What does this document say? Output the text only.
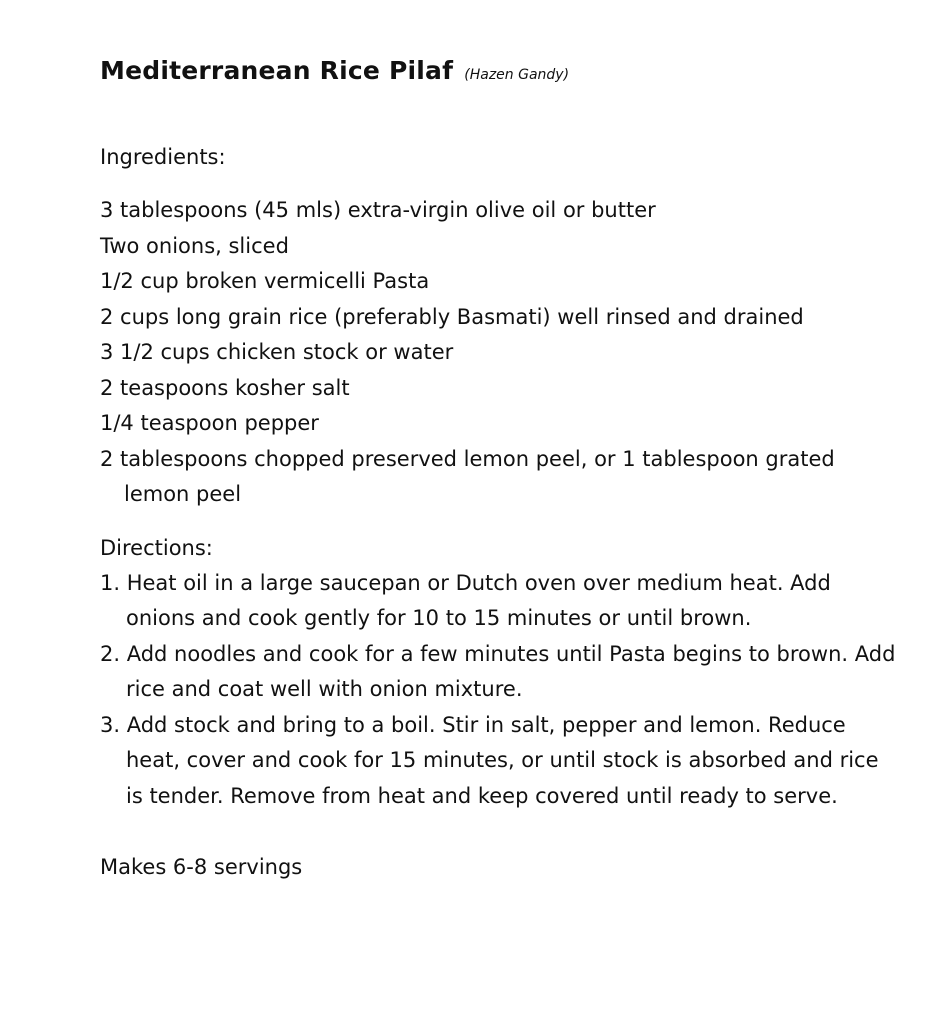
Mediterranean Rice Pilaf (Hazen Gandy)

Ingredients:

3 tablespoons (45 mls) extra-virgin olive oil or butter
Two onions, sliced
1/2 cup broken vermicelli Pasta
2 cups long grain rice (preferably Basmati) well rinsed and drained
3 1/2 cups chicken stock or water
2 teaspoons kosher salt
1/4 teaspoon pepper
2 tablespoons chopped preserved lemon peel, or 1 tablespoon grated lemon peel

Directions:

1. Heat oil in a large saucepan or Dutch oven over medium heat. Add onions and cook gently for 10 to 15 minutes or until brown.
2. Add noodles and cook for a few minutes until Pasta begins to brown. Add rice and coat well with onion mixture.
3. Add stock and bring to a boil. Stir in salt, pepper and lemon. Reduce heat, cover and cook for 15 minutes, or until stock is absorbed and rice is tender. Remove from heat and keep covered until ready to serve.

Makes 6-8 servings
